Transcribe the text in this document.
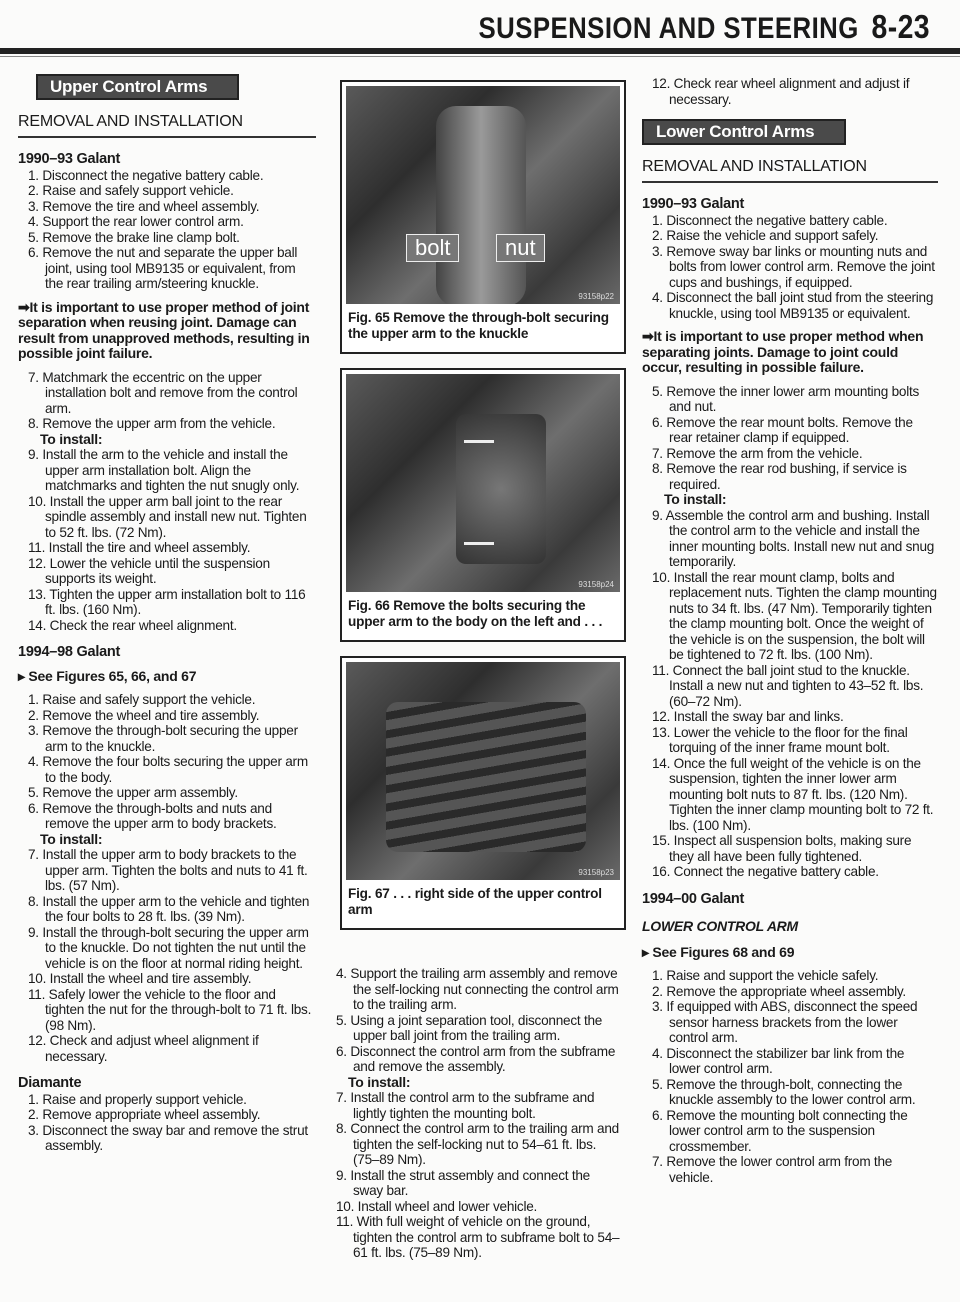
SUSPENSION AND STEERING 8-23
Upper Control Arms
REMOVAL AND INSTALLATION

1990–93 Galant

1. Disconnect the negative battery cable.

2. Raise and safely support vehicle.

3. Remove the tire and wheel assembly.

4. Support the rear lower control arm.

5. Remove the brake line clamp bolt.

6. Remove the nut and separate the upper ball joint, using tool MB9135 or equivalent, from the rear trailing arm/steering knuckle.

➡It is important to use proper method of joint separation when reusing joint. Damage can result from unapproved methods, resulting in possible joint failure.

7. Matchmark the eccentric on the upper installation bolt and remove from the control arm.

8. Remove the upper arm from the vehicle.

To install:

9. Install the arm to the vehicle and install the upper arm installation bolt. Align the matchmarks and tighten the nut snugly only.

10. Install the upper arm ball joint to the rear spindle assembly and install new nut. Tighten to 52 ft. lbs. (72 Nm).

11. Install the tire and wheel assembly.

12. Lower the vehicle until the suspension supports its weight.

13. Tighten the upper arm installation bolt to 116 ft. lbs. (160 Nm).

14. Check the rear wheel alignment.

1994–98 Galant

▸ See Figures 65, 66, and 67

1. Raise and safely support the vehicle.

2. Remove the wheel and tire assembly.

3. Remove the through-bolt securing the upper arm to the knuckle.

4. Remove the four bolts securing the upper arm to the body.

5. Remove the upper arm assembly.

6. Remove the through-bolts and nuts and remove the upper arm to body brackets.

To install:

7. Install the upper arm to body brackets to the upper arm. Tighten the bolts and nuts to 41 ft. lbs. (57 Nm).

8. Install the upper arm to the vehicle and tighten the four bolts to 28 ft. lbs. (39 Nm).

9. Install the through-bolt securing the upper arm to the knuckle. Do not tighten the nut until the vehicle is on the floor at normal riding height.

10. Install the wheel and tire assembly.

11. Safely lower the vehicle to the floor and tighten the nut for the through-bolt to 71 ft. lbs. (98 Nm).

12. Check and adjust wheel alignment if necessary.

Diamante

1. Raise and properly support vehicle.

2. Remove appropriate wheel assembly.

3. Disconnect the sway bar and remove the strut assembly.

bolt	nut
93158p22
Fig. 65 Remove the through-bolt securing the upper arm to the knuckle
93158p24
Fig. 66 Remove the bolts securing the upper arm to the body on the left and . . .
93158p23
Fig. 67 . . . right side of the upper control arm

4. Support the trailing arm assembly and remove the self-locking nut connecting the control arm to the trailing arm.

5. Using a joint separation tool, disconnect the upper ball joint from the trailing arm.

6. Disconnect the control arm from the subframe and remove the assembly.

To install:

7. Install the control arm to the subframe and lightly tighten the mounting bolt.

8. Connect the control arm to the trailing arm and tighten the self-locking nut to 54–61 ft. lbs. (75–89 Nm).

9. Install the strut assembly and connect the sway bar.

10. Install wheel and lower vehicle.

11. With full weight of vehicle on the ground, tighten the control arm to subframe bolt to 54–61 ft. lbs. (75–89 Nm).

12. Check rear wheel alignment and adjust if necessary.

Lower Control Arms
REMOVAL AND INSTALLATION

1990–93 Galant

1. Disconnect the negative battery cable.

2. Raise the vehicle and support safely.

3. Remove sway bar links or mounting nuts and bolts from lower control arm. Remove the joint cups and bushings, if equipped.

4. Disconnect the ball joint stud from the steering knuckle, using tool MB9135 or equivalent.

➡It is important to use proper method when separating joints. Damage to joint could occur, resulting in possible failure.

5. Remove the inner lower arm mounting bolts and nut.

6. Remove the rear mount bolts. Remove the rear retainer clamp if equipped.

7. Remove the arm from the vehicle.

8. Remove the rear rod bushing, if service is required.

To install:

9. Assemble the control arm and bushing. Install the control arm to the vehicle and install the inner mounting bolts. Install new nut and snug temporarily.

10. Install the rear mount clamp, bolts and replacement nuts. Tighten the clamp mounting nuts to 34 ft. lbs. (47 Nm). Temporarily tighten the clamp mounting bolt. Once the weight of the vehicle is on the suspension, the bolt will be tightened to 72 ft. lbs. (100 Nm).

11. Connect the ball joint stud to the knuckle. Install a new nut and tighten to 43–52 ft. lbs. (60–72 Nm).

12. Install the sway bar and links.

13. Lower the vehicle to the floor for the final torquing of the inner frame mount bolt.

14. Once the full weight of the vehicle is on the suspension, tighten the inner lower arm mounting bolt nuts to 87 ft. lbs. (120 Nm). Tighten the inner clamp mounting bolt to 72 ft. lbs. (100 Nm).

15. Inspect all suspension bolts, making sure they all have been fully tightened.

16. Connect the negative battery cable.

1994–00 Galant

LOWER CONTROL ARM

▸ See Figures 68 and 69

1. Raise and support the vehicle safely.

2. Remove the appropriate wheel assembly.

3. If equipped with ABS, disconnect the speed sensor harness brackets from the lower control arm.

4. Disconnect the stabilizer bar link from the lower control arm.

5. Remove the through-bolt, connecting the knuckle assembly to the lower control arm.

6. Remove the mounting bolt connecting the lower control arm to the suspension crossmember.

7. Remove the lower control arm from the vehicle.
